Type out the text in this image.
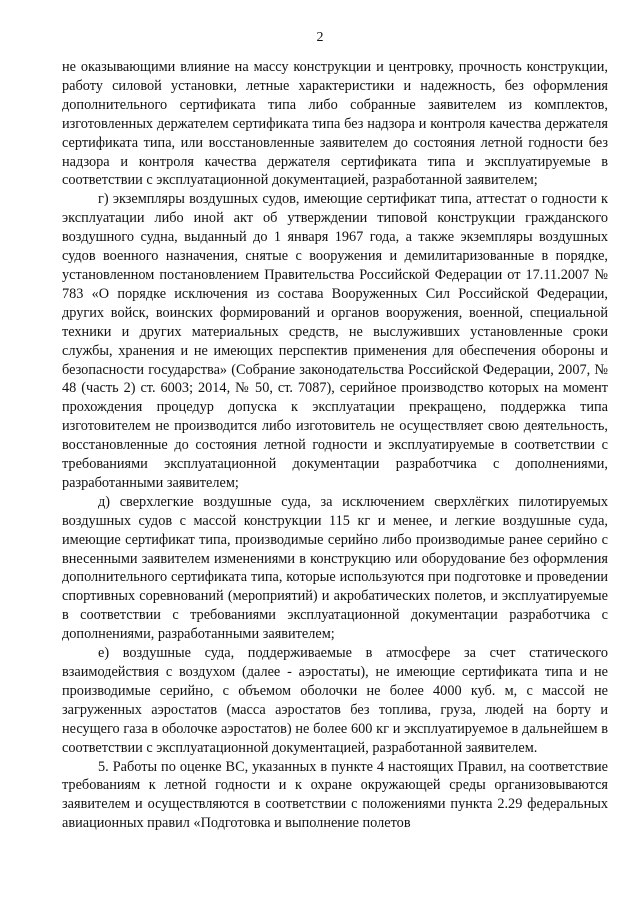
2

не оказывающими влияние на массу конструкции и центровку, прочность конструкции, работу силовой установки, летные характеристики и надежность, без оформления дополнительного сертификата типа либо собранные заявителем из комплектов, изготовленных держателем сертификата типа без надзора и контроля качества держателя сертификата типа, или восстановленные заявителем до состояния летной годности без надзора и контроля качества держателя сертификата типа и эксплуатируемые в соответствии с эксплуатационной документацией, разработанной заявителем;

г) экземпляры воздушных судов, имеющие сертификат типа, аттестат о годности к эксплуатации либо иной акт об утверждении типовой конструкции гражданского воздушного судна, выданный до 1 января 1967 года, а также экземпляры воздушных судов военного назначения, снятые с вооружения и демилитаризованные в порядке, установленном постановлением Правительства Российской Федерации от 17.11.2007 № 783 «О порядке исключения из состава Вооруженных Сил Российской Федерации, других войск, воинских формирований и органов вооружения, военной, специальной техники и других материальных средств, не выслуживших установленные сроки службы, хранения и не имеющих перспектив применения для обеспечения обороны и безопасности государства» (Собрание законодательства Российской Федерации, 2007, № 48 (часть 2) ст. 6003; 2014, № 50, ст. 7087), серийное производство которых на момент прохождения процедур допуска к эксплуатации прекращено, поддержка типа изготовителем не производится либо изготовитель не осуществляет свою деятельность, восстановленные до состояния летной годности и эксплуатируемые в соответствии с требованиями эксплуатационной документации разработчика с дополнениями, разработанными заявителем;

д) сверхлегкие воздушные суда, за исключением сверхлёгких пилотируемых воздушных судов с массой конструкции 115 кг и менее, и легкие воздушные суда, имеющие сертификат типа, производимые серийно либо производимые ранее серийно с внесенными заявителем изменениями в конструкцию или оборудование без оформления дополнительного сертификата типа, которые используются при подготовке и проведении спортивных соревнований (мероприятий) и акробатических полетов, и эксплуатируемые в соответствии с требованиями эксплуатационной документации разработчика с дополнениями, разработанными заявителем;

е) воздушные суда, поддерживаемые в атмосфере за счет статического взаимодействия с воздухом (далее - аэростаты), не имеющие сертификата типа и не производимые серийно, с объемом оболочки не более 4000 куб. м, с массой не загруженных аэростатов (масса аэростатов без топлива, груза, людей на борту и несущего газа в оболочке аэростатов) не более 600 кг и эксплуатируемое в дальнейшем в соответствии с эксплуатационной документацией, разработанной заявителем.

5. Работы по оценке ВС, указанных в пункте 4 настоящих Правил, на соответствие требованиям к летной годности и к охране окружающей среды организовываются заявителем и осуществляются в соответствии с положениями пункта 2.29 федеральных авиационных правил «Подготовка и выполнение полетов
